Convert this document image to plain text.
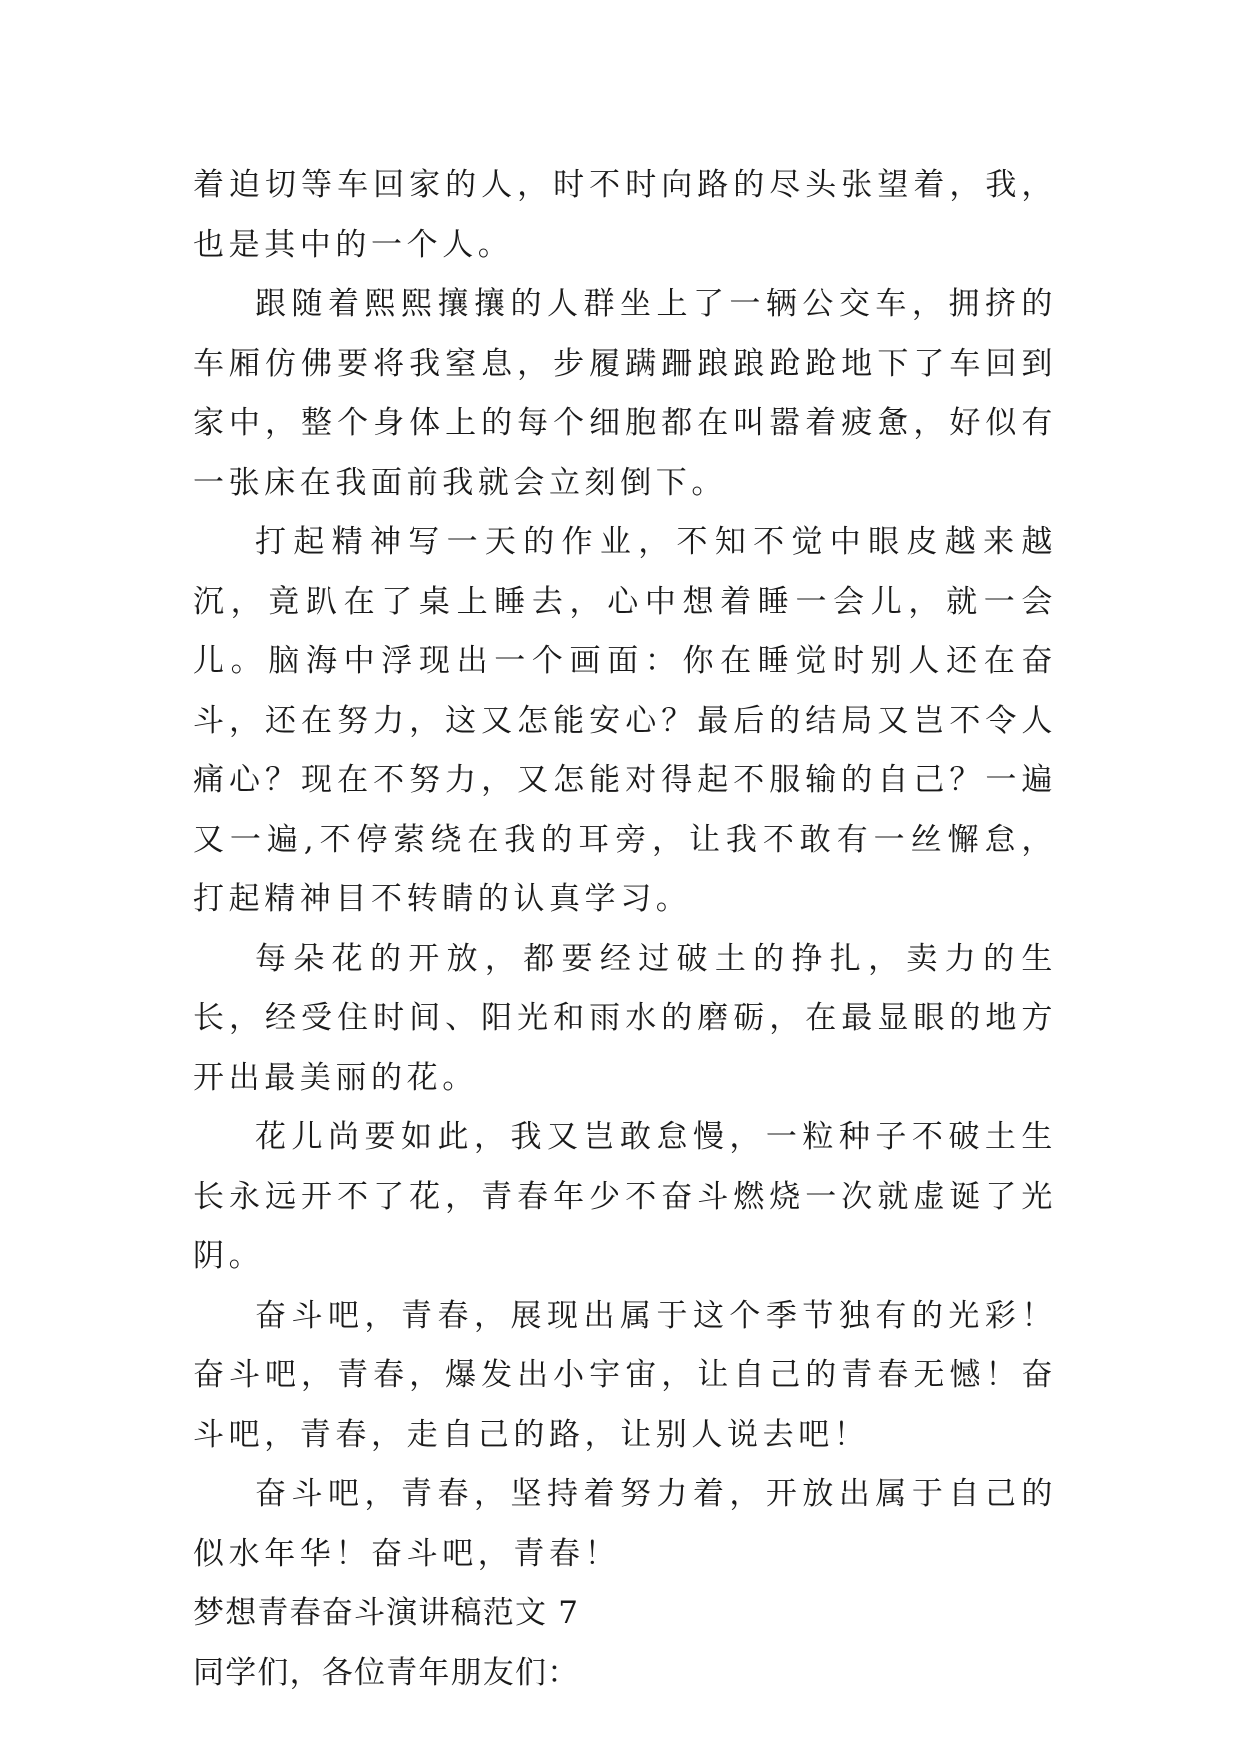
着迫切等车回家的人，时不时向路的尽头张望着，我，也是其中的一个人。

跟随着熙熙攘攘的人群坐上了一辆公交车，拥挤的车厢仿佛要将我窒息，步履蹒跚踉踉跄跄地下了车回到家中，整个身体上的每个细胞都在叫嚣着疲惫，好似有一张床在我面前我就会立刻倒下。

打起精神写一天的作业，不知不觉中眼皮越来越沉，竟趴在了桌上睡去，心中想着睡一会儿，就一会儿。脑海中浮现出一个画面：你在睡觉时别人还在奋斗，还在努力，这又怎能安心？最后的结局又岂不令人痛心？现在不努力，又怎能对得起不服输的自己？一遍又一遍,不停萦绕在我的耳旁，让我不敢有一丝懈怠，打起精神目不转睛的认真学习。

每朵花的开放，都要经过破土的挣扎，卖力的生长，经受住时间、阳光和雨水的磨砺，在最显眼的地方开出最美丽的花。

花儿尚要如此，我又岂敢怠慢，一粒种子不破土生长永远开不了花，青春年少不奋斗燃烧一次就虚诞了光阴。

奋斗吧，青春，展现出属于这个季节独有的光彩！奋斗吧，青春，爆发出小宇宙，让自己的青春无憾！奋斗吧，青春，走自己的路，让别人说去吧！

奋斗吧，青春，坚持着努力着，开放出属于自己的似水年华！奋斗吧，青春！

梦想青春奋斗演讲稿范文 7

同学们，各位青年朋友们：
